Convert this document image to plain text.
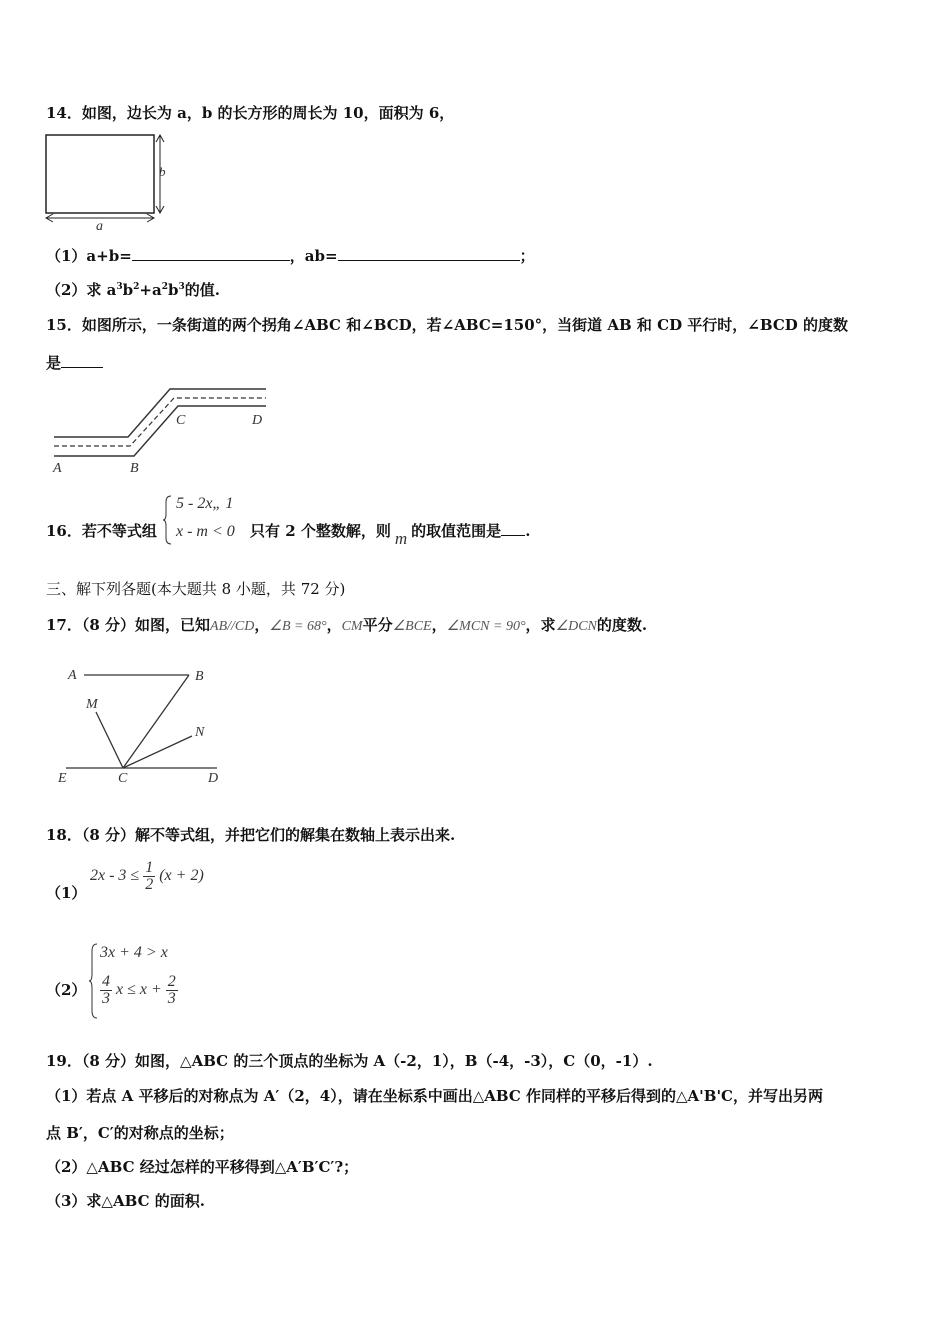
14．如图，边长为 a，b 的长方形的周长为 10，面积为 6，
b
a
（1）a+b=	，ab=	；
（2）求 $a^3b^2+a^2b^3$的值.
15．如图所示，一条街道的两个拐角∠ABC 和∠BCD，若∠ABC=150°，当街道 AB 和 CD 平行时，∠BCD 的度数
是
A	B
C	D
16．若不等式组
5 - 2x„ 1
x - m < 0 只有 2 个整数解，则 m 的取值范围是 .
三、解下列各题(本大题共 8 小题，共 72 分)
17．（8 分）如图，已知AB//CD，∠B = 68°，CM平分∠BCE，∠MCN = 90°，求∠DCN的度数.
A	B
M
N
E	C	D
18．（8 分）解不等式组，并把它们的解集在数轴上表示出来.
（1）
$2x - 3 \le \frac{1}{2} (x + 2)$
（2）
3x + 4 > x
$\frac{4}{3}$ $x \le x + \frac{2}{3}$
19．（8 分）如图，△ABC 的三个顶点的坐标为 A（-2，1），B（-4，-3），C（0，-1）.
（1）若点 A 平移后的对称点为 A′（2，4），请在坐标系中画出△ABC 作同样的平移后得到的△A'B'C，并写出另两
点 B′，C′的对称点的坐标；
（2）△ABC 经过怎样的平移得到△A′B′C′?；
（3）求△ABC 的面积.
